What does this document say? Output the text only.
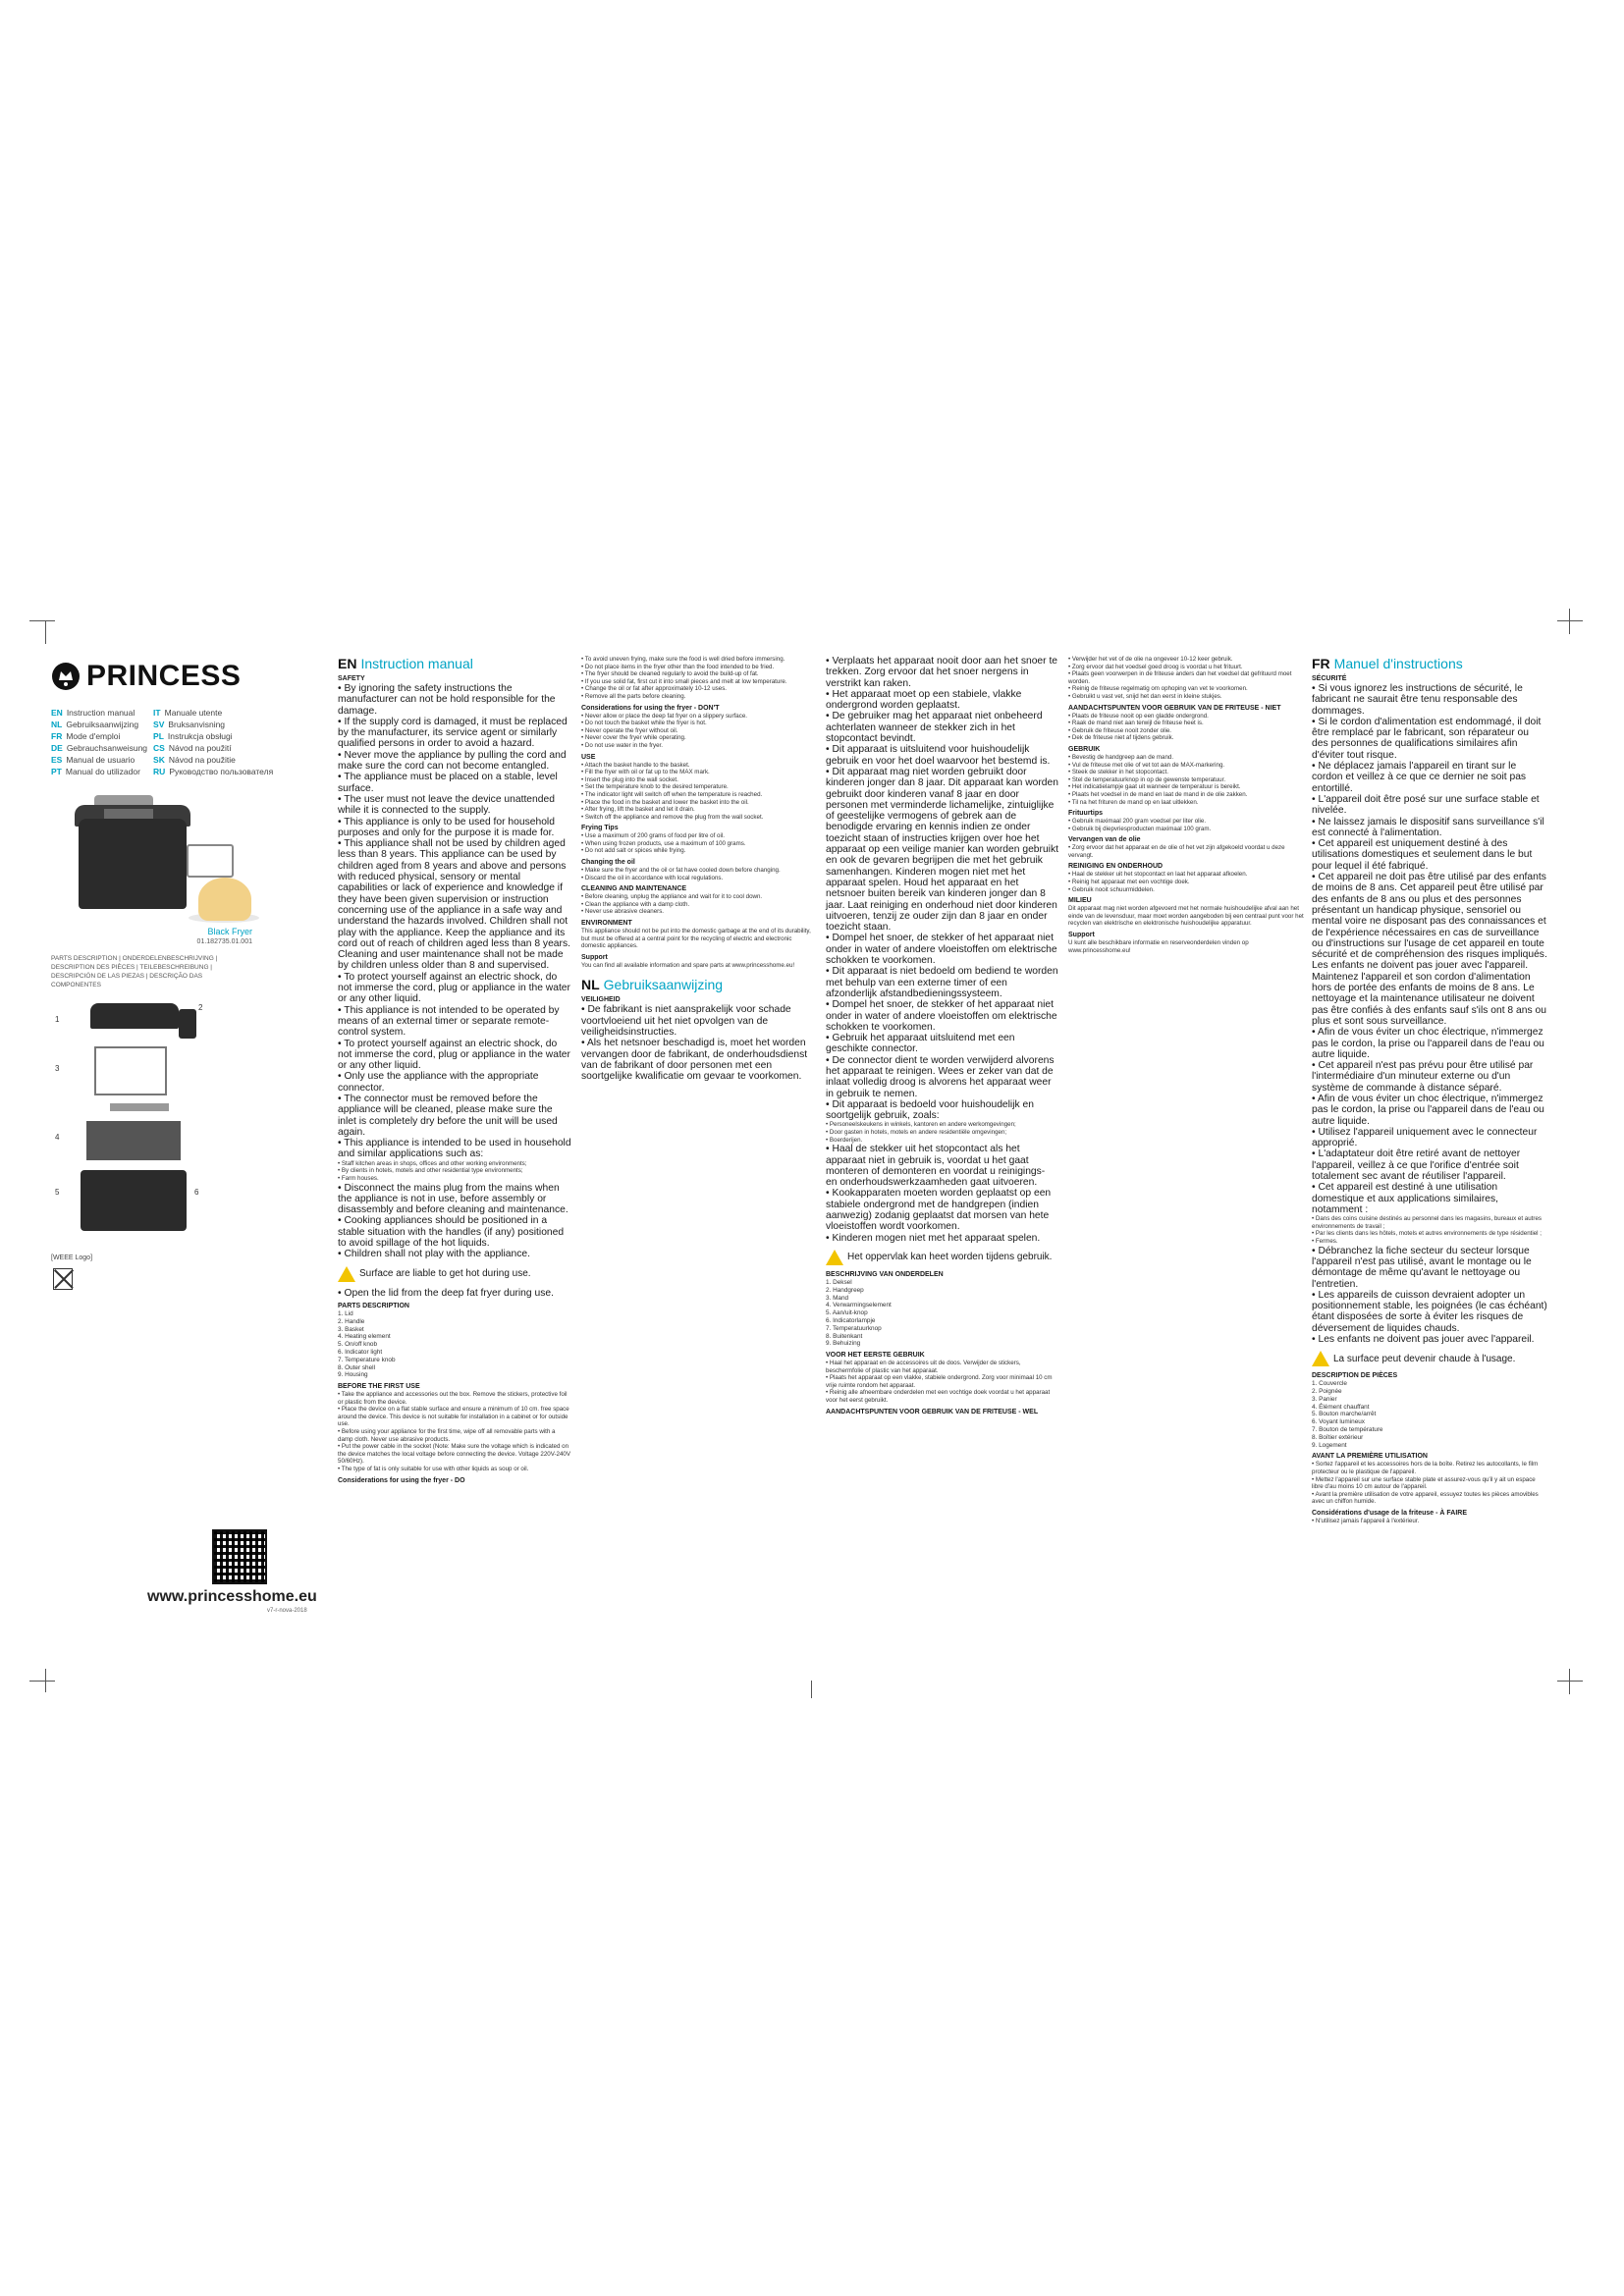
PRINCESS
EN Instruction manual	IT Manuale utente
NL Gebruiksaanwijzing	SV Bruksanvisning
FR Mode d'emploi	PL Instrukcja obsługi
DE Gebrauchsanweisung CS Návod na použití
ES Manual de usuario	SK Návod na použitie
PT Manual do utilizador	RU Руководство пользователя
Black Fryer
01.182735.01.001
PARTS DESCRIPTION | ONDERDELENBESCHRIJVING | DESCRIPTION DES PIÈCES | TEILEBESCHREIBUNG | DESCRIPCIÓN DE LAS PIEZAS | DESCRIÇÃO DAS COMPONENTES
1
3
4
5
2
6
[WEEE Logo]
www.princesshome.eu
v7-r-nova-2018
EN Instruction manual
SAFETY

• By ignoring the safety instructions the manufacturer can not be hold responsible for the damage.

• If the supply cord is damaged, it must be replaced by the manufacturer, its service agent or similarly qualified persons in order to avoid a hazard.

• Never move the appliance by pulling the cord and make sure the cord can not become entangled.

• The appliance must be placed on a stable, level surface.

• The user must not leave the device unattended while it is connected to the supply.

• This appliance is only to be used for household purposes and only for the purpose it is made for.

• This appliance shall not be used by children aged less than 8 years. This appliance can be used by children aged from 8 years and above and persons with reduced physical, sensory or mental capabilities or lack of experience and knowledge if they have been given supervision or instruction concerning use of the appliance in a safe way and understand the hazards involved. Children shall not play with the appliance. Keep the appliance and its cord out of reach of children aged less than 8 years. Cleaning and user maintenance shall not be made by children unless older than 8 and supervised.

• To protect yourself against an electric shock, do not immerse the cord, plug or appliance in the water or any other liquid.

• This appliance is not intended to be operated by means of an external timer or separate remote-control system.

• To protect yourself against an electric shock, do not immerse the cord, plug or appliance in the water or any other liquid.

• Only use the appliance with the appropriate connector.

• The connector must be removed before the appliance will be cleaned, please make sure the inlet is completely dry before the unit will be used again.

• This appliance is intended to be used in household and similar applications such as:

• Staff kitchen areas in shops, offices and other working environments;

• By clients in hotels, motels and other residential type environments;

• Farm houses.

• Disconnect the mains plug from the mains when the appliance is not in use, before assembly or disassembly and before cleaning and maintenance.

• Cooking appliances should be positioned in a stable situation with the handles (if any) positioned to avoid spillage of the hot liquids.

• Children shall not play with the appliance.

Surface are liable to get hot during use.

• Open the lid from the deep fat fryer during use.

PARTS DESCRIPTION

1. Lid

2. Handle

3. Basket

4. Heating element

5. On/off knob

6. Indicator light

7. Temperature knob

8. Outer shell

9. Housing

BEFORE THE FIRST USE

• Take the appliance and accessories out the box. Remove the stickers, protective foil or plastic from the device.

• Place the device on a flat stable surface and ensure a minimum of 10 cm. free space around the device. This device is not suitable for installation in a cabinet or for outside use.

• Before using your appliance for the first time, wipe off all removable parts with a damp cloth. Never use abrasive products.

• Put the power cable in the socket (Note: Make sure the voltage which is indicated on the device matches the local voltage before connecting the device. Voltage 220V-240V 50/60Hz).

• The type of fat is only suitable for use with other liquids as soup or oil.

Considerations for using the fryer - DO

• To avoid uneven frying, make sure the food is well dried before immersing.

• Do not place items in the fryer other than the food intended to be fried.

• The fryer should be cleaned regularly to avoid the build-up of fat.

• If you use solid fat, first cut it into small pieces and melt at low temperature.

• Change the oil or fat after approximately 10-12 uses.

• Remove all the parts before cleaning.

Considerations for using the fryer - DON'T

• Never allow or place the deep fat fryer on a slippery surface.

• Do not touch the basket while the fryer is hot.

• Never operate the fryer without oil.

• Never cover the fryer while operating.

• Do not use water in the fryer.

USE

• Attach the basket handle to the basket.

• Fill the fryer with oil or fat up to the MAX mark.

• Insert the plug into the wall socket.

• Set the temperature knob to the desired temperature.

• The indicator light will switch off when the temperature is reached.

• Place the food in the basket and lower the basket into the oil.

• After frying, lift the basket and let it drain.

• Switch off the appliance and remove the plug from the wall socket.

Frying Tips

• Use a maximum of 200 grams of food per litre of oil.

• When using frozen products, use a maximum of 100 grams.

• Do not add salt or spices while frying.

Changing the oil

• Make sure the fryer and the oil or fat have cooled down before changing.

• Discard the oil in accordance with local regulations.

CLEANING AND MAINTENANCE

• Before cleaning, unplug the appliance and wait for it to cool down.

• Clean the appliance with a damp cloth.

• Never use abrasive cleaners.

ENVIRONMENT

This appliance should not be put into the domestic garbage at the end of its durability, but must be offered at a central point for the recycling of electric and electronic domestic appliances.

Support

You can find all available information and spare parts at www.princesshome.eu!

NL Gebruiksaanwijzing
VEILIGHEID

• De fabrikant is niet aansprakelijk voor schade voortvloeiend uit het niet opvolgen van de veiligheidsinstructies.

• Als het netsnoer beschadigd is, moet het worden vervangen door de fabrikant, de onderhoudsdienst van de fabrikant of door personen met een soortgelijke kwalificatie om gevaar te voorkomen.

• Verplaats het apparaat nooit door aan het snoer te trekken. Zorg ervoor dat het snoer nergens in verstrikt kan raken.

• Het apparaat moet op een stabiele, vlakke ondergrond worden geplaatst.

• De gebruiker mag het apparaat niet onbeheerd achterlaten wanneer de stekker zich in het stopcontact bevindt.

• Dit apparaat is uitsluitend voor huishoudelijk gebruik en voor het doel waarvoor het bestemd is.

• Dit apparaat mag niet worden gebruikt door kinderen jonger dan 8 jaar. Dit apparaat kan worden gebruikt door kinderen vanaf 8 jaar en door personen met verminderde lichamelijke, zintuiglijke of geestelijke vermogens of gebrek aan de benodigde ervaring en kennis indien ze onder toezicht staan of instructies krijgen over hoe het apparaat op een veilige manier kan worden gebruikt en ook de gevaren begrijpen die met het gebruik samenhangen. Kinderen mogen niet met het apparaat spelen. Houd het apparaat en het netsnoer buiten bereik van kinderen jonger dan 8 jaar. Laat reiniging en onderhoud niet door kinderen uitvoeren, tenzij ze ouder zijn dan 8 jaar en onder toezicht staan.

• Dompel het snoer, de stekker of het apparaat niet onder in water of andere vloeistoffen om elektrische schokken te voorkomen.

• Dit apparaat is niet bedoeld om bediend te worden met behulp van een externe timer of een afzonderlijk afstandbedieningssysteem.

• Dompel het snoer, de stekker of het apparaat niet onder in water of andere vloeistoffen om elektrische schokken te voorkomen.

• Gebruik het apparaat uitsluitend met een geschikte connector.

• De connector dient te worden verwijderd alvorens het apparaat te reinigen. Wees er zeker van dat de inlaat volledig droog is alvorens het apparaat weer in gebruik te nemen.

• Dit apparaat is bedoeld voor huishoudelijk en soortgelijk gebruik, zoals:

• Personeelskeukens in winkels, kantoren en andere werkomgevingen;

• Door gasten in hotels, motels en andere residentiële omgevingen;

• Boerderijen.

• Haal de stekker uit het stopcontact als het apparaat niet in gebruik is, voordat u het gaat monteren of demonteren en voordat u reinigings- en onderhoudswerkzaamheden gaat uitvoeren.

• Kookapparaten moeten worden geplaatst op een stabiele ondergrond met de handgrepen (indien aanwezig) zodanig geplaatst dat morsen van hete vloeistoffen wordt voorkomen.

• Kinderen mogen niet met het apparaat spelen.

Het oppervlak kan heet worden tijdens gebruik.
BESCHRIJVING VAN ONDERDELEN

1. Deksel

2. Handgreep

3. Mand

4. Verwarmingselement

5. Aan/uit-knop

6. Indicatorlampje

7. Temperatuurknop

8. Buitenkant

9. Behuizing

VOOR HET EERSTE GEBRUIK

• Haal het apparaat en de accessoires uit de doos. Verwijder de stickers, beschermfolie of plastic van het apparaat.

• Plaats het apparaat op een vlakke, stabiele ondergrond. Zorg voor minimaal 10 cm vrije ruimte rondom het apparaat.

• Reinig alle afneembare onderdelen met een vochtige doek voordat u het apparaat voor het eerst gebruikt.

AANDACHTSPUNTEN VOOR GEBRUIK VAN DE FRITEUSE - WEL

• Verwijder het vet of de olie na ongeveer 10-12 keer gebruik.

• Zorg ervoor dat het voedsel goed droog is voordat u het frituurt.

• Plaats geen voorwerpen in de friteuse anders dan het voedsel dat gefrituurd moet worden.

• Reinig de friteuse regelmatig om ophoping van vet te voorkomen.

• Gebruikt u vast vet, snijd het dan eerst in kleine stukjes.

AANDACHTSPUNTEN VOOR GEBRUIK VAN DE FRITEUSE - NIET

• Plaats de friteuse nooit op een gladde ondergrond.

• Raak de mand niet aan terwijl de friteuse heet is.

• Gebruik de friteuse nooit zonder olie.

• Dek de friteuse niet af tijdens gebruik.

GEBRUIK

• Bevestig de handgreep aan de mand.

• Vul de friteuse met olie of vet tot aan de MAX-markering.

• Steek de stekker in het stopcontact.

• Stel de temperatuurknop in op de gewenste temperatuur.

• Het indicatielampje gaat uit wanneer de temperatuur is bereikt.

• Plaats het voedsel in de mand en laat de mand in de olie zakken.

• Til na het frituren de mand op en laat uitlekken.

Frituurtips

• Gebruik maximaal 200 gram voedsel per liter olie.

• Gebruik bij diepvriesproducten maximaal 100 gram.

Vervangen van de olie

• Zorg ervoor dat het apparaat en de olie of het vet zijn afgekoeld voordat u deze vervangt.

REINIGING EN ONDERHOUD

• Haal de stekker uit het stopcontact en laat het apparaat afkoelen.

• Reinig het apparaat met een vochtige doek.

• Gebruik nooit schuurmiddelen.

MILIEU

Dit apparaat mag niet worden afgevoerd met het normale huishoudelijke afval aan het einde van de levensduur, maar moet worden aangeboden bij een centraal punt voor het recyclen van elektrische en elektronische huishoudelijke apparatuur.

Support

U kunt alle beschikbare informatie en reserveonderdelen vinden op www.princesshome.eu!

FR Manuel d'instructions
SÉCURITÉ

• Si vous ignorez les instructions de sécurité, le fabricant ne saurait être tenu responsable des dommages.

• Si le cordon d'alimentation est endommagé, il doit être remplacé par le fabricant, son réparateur ou des personnes de qualifications similaires afin d'éviter tout risque.

• Ne déplacez jamais l'appareil en tirant sur le cordon et veillez à ce que ce dernier ne soit pas entortillé.

• L'appareil doit être posé sur une surface stable et nivelée.

• Ne laissez jamais le dispositif sans surveillance s'il est connecté à l'alimentation.

• Cet appareil est uniquement destiné à des utilisations domestiques et seulement dans le but pour lequel il été fabriqué.

• Cet appareil ne doit pas être utilisé par des enfants de moins de 8 ans. Cet appareil peut être utilisé par des enfants de 8 ans ou plus et des personnes présentant un handicap physique, sensoriel ou mental voire ne disposant pas des connaissances et de l'expérience nécessaires en cas de surveillance ou d'instructions sur l'usage de cet appareil en toute sécurité et de compréhension des risques impliqués. Les enfants ne doivent pas jouer avec l'appareil. Maintenez l'appareil et son cordon d'alimentation hors de portée des enfants de moins de 8 ans. Le nettoyage et la maintenance utilisateur ne doivent pas être confiés à des enfants sauf s'ils ont 8 ans ou plus et sont sous surveillance.

• Afin de vous éviter un choc électrique, n'immergez pas le cordon, la prise ou l'appareil dans de l'eau ou autre liquide.

• Cet appareil n'est pas prévu pour être utilisé par l'intermédiaire d'un minuteur externe ou d'un système de commande à distance séparé.

• Afin de vous éviter un choc électrique, n'immergez pas le cordon, la prise ou l'appareil dans de l'eau ou autre liquide.

• Utilisez l'appareil uniquement avec le connecteur approprié.

• L'adaptateur doit être retiré avant de nettoyer l'appareil, veillez à ce que l'orifice d'entrée soit totalement sec avant de réutiliser l'appareil.

• Cet appareil est destiné à une utilisation domestique et aux applications similaires, notamment :

• Dans des coins cuisine destinés au personnel dans les magasins, bureaux et autres environnements de travail ;

• Par les clients dans les hôtels, motels et autres environnements de type résidentiel ;

• Fermes.

• Débranchez la fiche secteur du secteur lorsque l'appareil n'est pas utilisé, avant le montage ou le démontage de même qu'avant le nettoyage ou l'entretien.

• Les appareils de cuisson devraient adopter un positionnement stable, les poignées (le cas échéant) étant disposées de sorte à éviter les risques de déversement de liquides chauds.

• Les enfants ne doivent pas jouer avec l'appareil.

La surface peut devenir chaude à l'usage.
DESCRIPTION DE PIÈCES

1. Couvercle

2. Poignée

3. Panier

4. Élément chauffant

5. Bouton marche/arrêt

6. Voyant lumineux

7. Bouton de température

8. Boîtier extérieur

9. Logement

AVANT LA PREMIÈRE UTILISATION

• Sortez l'appareil et les accessoires hors de la boîte. Retirez les autocollants, le film protecteur ou le plastique de l'appareil.

• Mettez l'appareil sur une surface stable plate et assurez-vous qu'il y ait un espace libre d'au moins 10 cm autour de l'appareil.

• Avant la première utilisation de votre appareil, essuyez toutes les pièces amovibles avec un chiffon humide.

Considérations d'usage de la friteuse - À FAIRE

• N'utilisez jamais l'appareil à l'extérieur.
